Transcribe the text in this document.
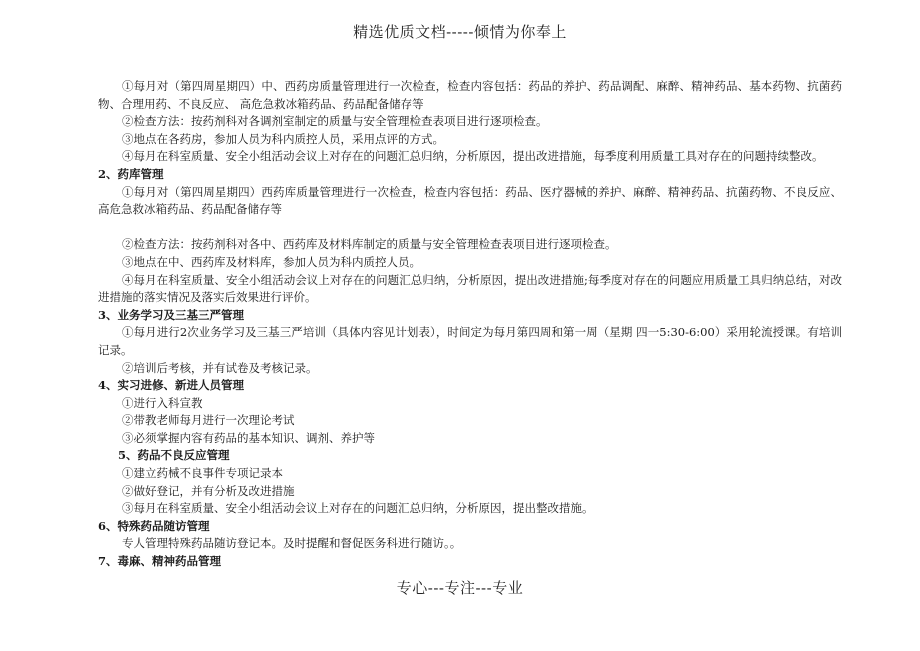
精选优质文档-----倾情为你奉上

①每月对（第四周星期四）中、西药房质量管理进行一次检查，检查内容包括：药品的养护、药品调配、麻醉、精神药品、基本药物、抗菌药物、合理用药、不良反应、 高危急救冰箱药品、药品配备储存等

②检查方法：按药剂科对各调剂室制定的质量与安全管理检查表项目进行逐项检查。

③地点在各药房，参加人员为科内质控人员，采用点评的方式。

④每月在科室质量、安全小组活动会议上对存在的问题汇总归纳，分析原因，提出改进措施，每季度利用质量工具对存在的问题持续整改。

2、药库管理

①每月对（第四周星期四）西药库质量管理进行一次检查，检查内容包括：药品、医疗器械的养护、麻醉、精神药品、抗菌药物、不良反应、 高危急救冰箱药品、药品配备储存等

②检查方法：按药剂科对各中、西药库及材料库制定的质量与安全管理检查表项目进行逐项检查。

③地点在中、西药库及材料库，参加人员为科内质控人员。

④每月在科室质量、安全小组活动会议上对存在的问题汇总归纳，分析原因，提出改进措施;每季度对存在的问题应用质量工具归纳总结，对改进措施的落实情况及落实后效果进行评价。

3、业务学习及三基三严管理

①每月进行2次业务学习及三基三严培训（具体内容见计划表），时间定为每月第四周和第一周（星期 四一5:30-6:00）采用轮流授课。有培训记录。

②培训后考核，并有试卷及考核记录。

4、实习进修、新进人员管理

①进行入科宣教

②带教老师每月进行一次理论考试

③必须掌握内容有药品的基本知识、调剂、养护等

5、药品不良反应管理

①建立药械不良事件专项记录本

②做好登记，并有分析及改进措施

③每月在科室质量、安全小组活动会议上对存在的问题汇总归纳，分析原因，提出整改措施。

6、特殊药品随访管理

专人管理特殊药品随访登记本。及时提醒和督促医务科进行随访。。

7、毒麻、精神药品管理

专心---专注---专业
